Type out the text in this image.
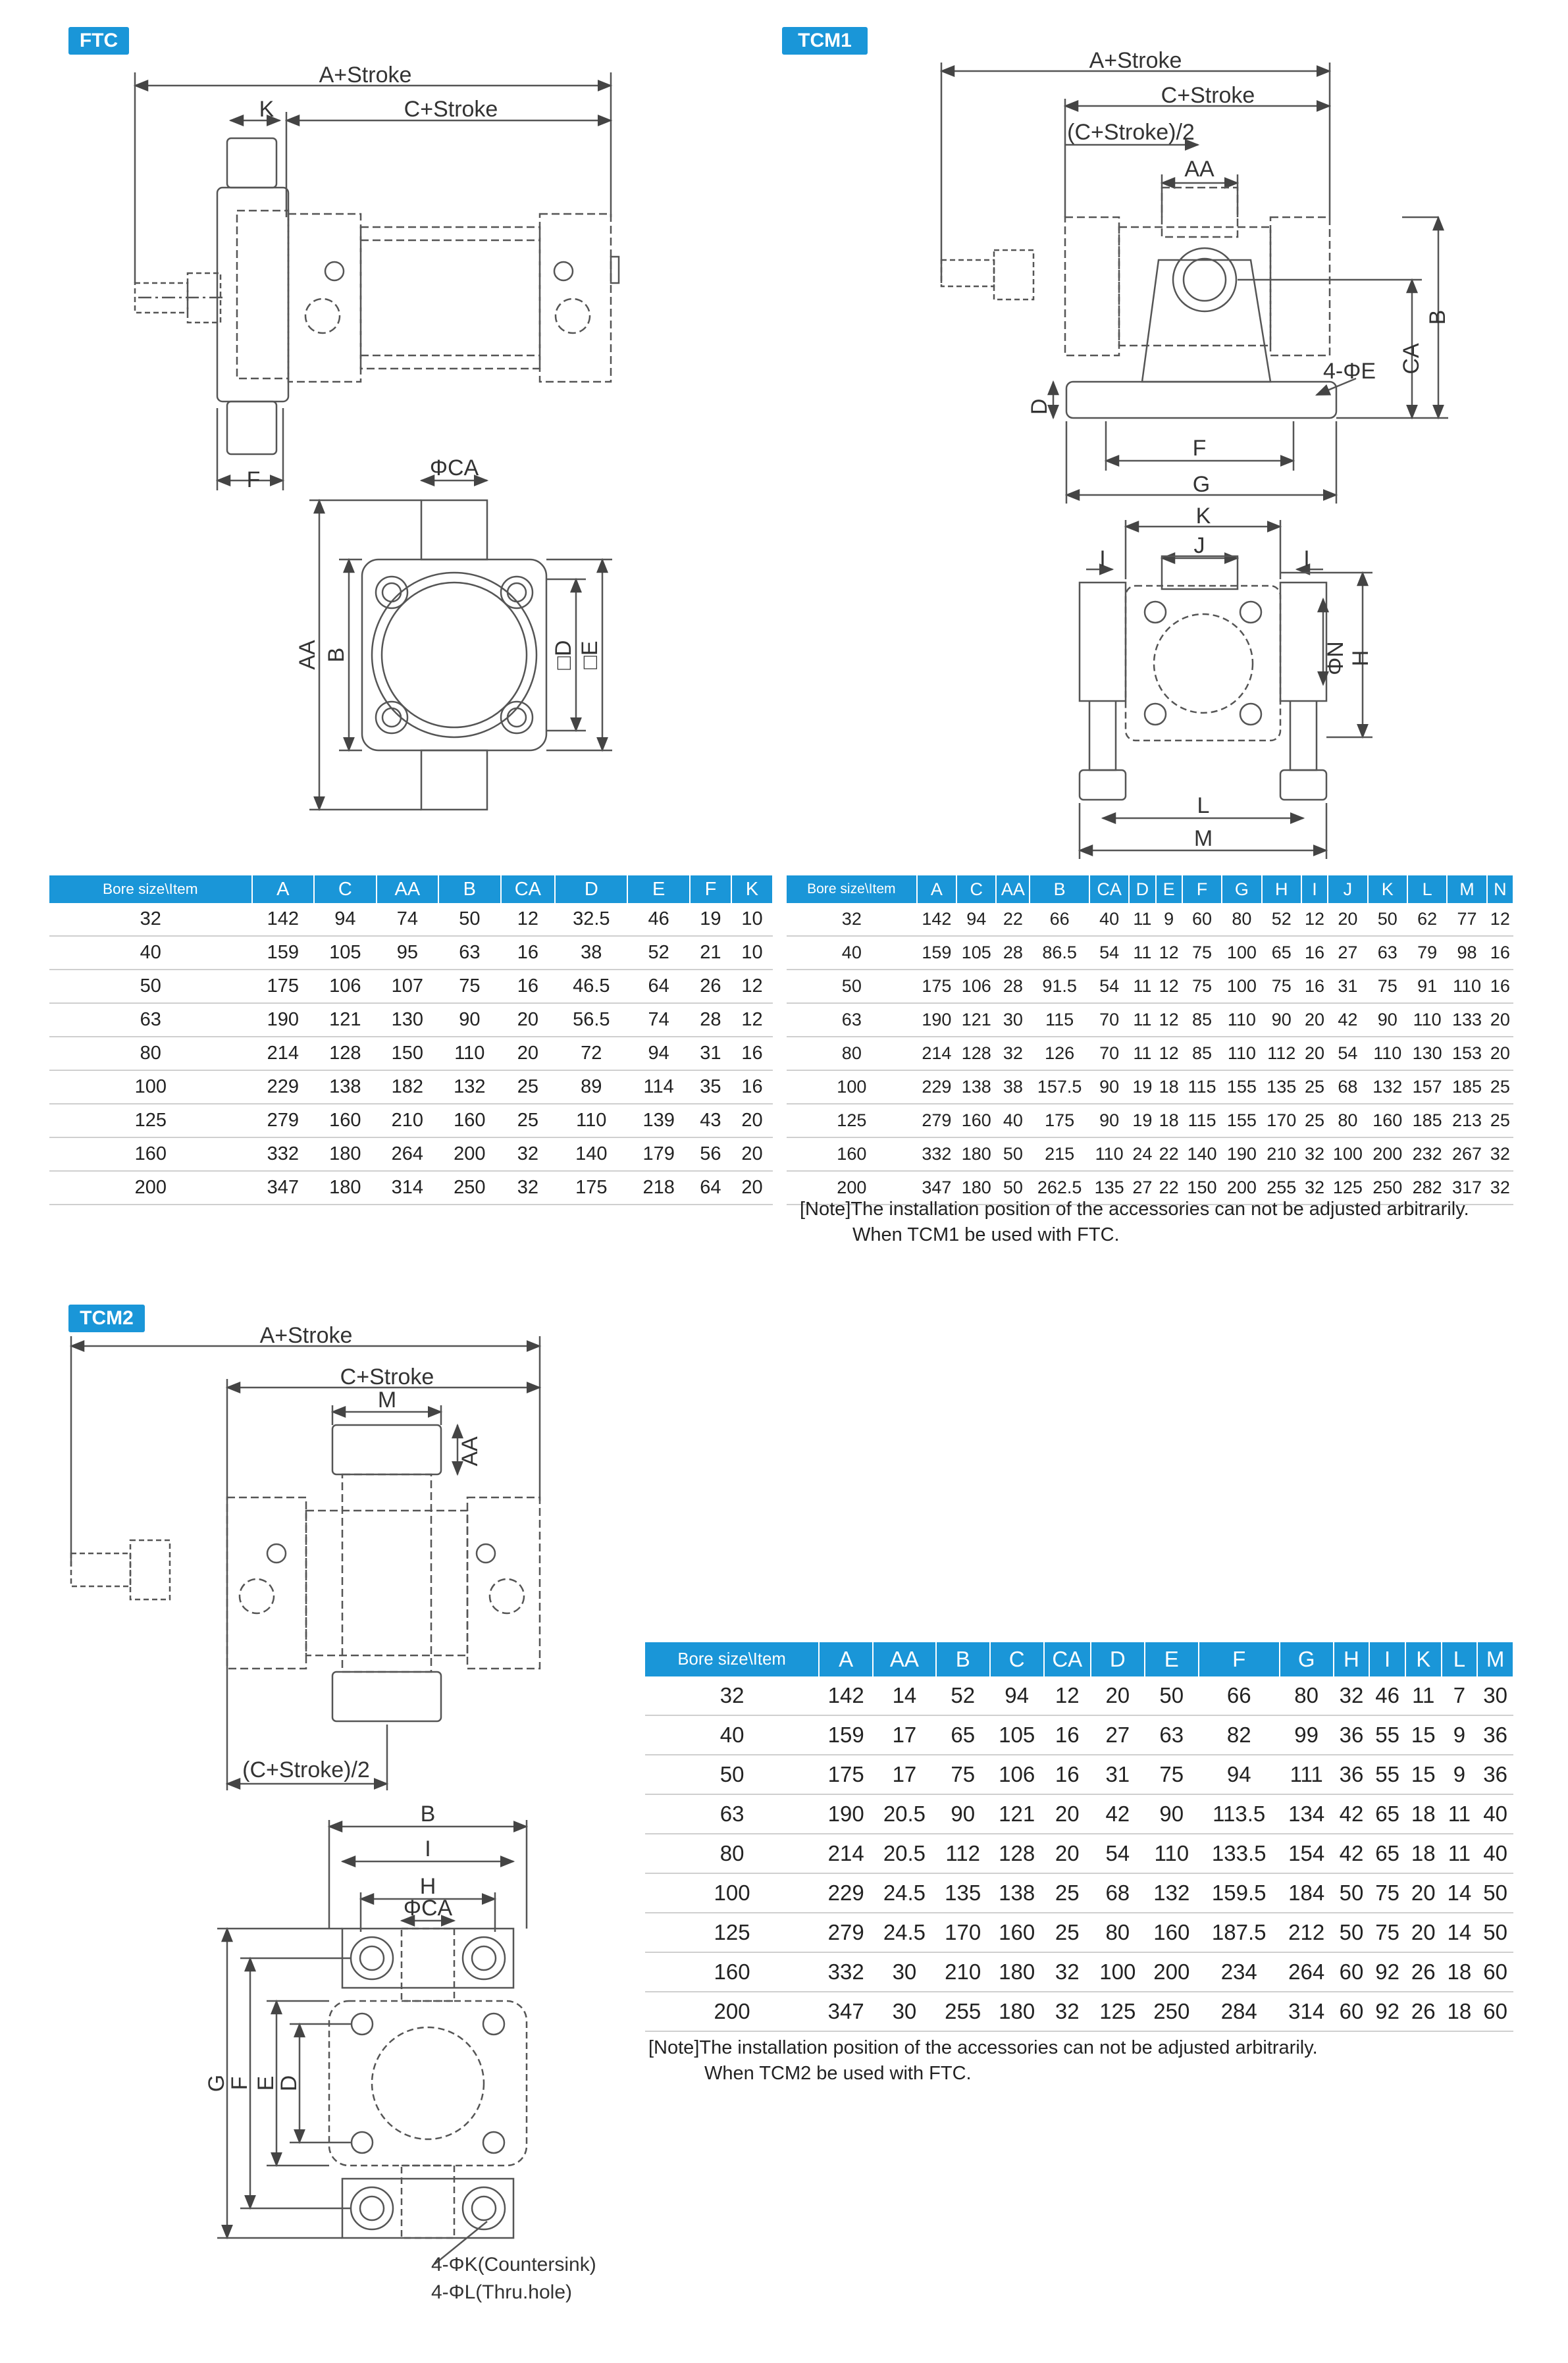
FTC	TCM1
TCM2
A+Stroke
C+Stroke
K
F	ΦCA
AA B	□D □E
A+Stroke
C+Stroke
(C+Stroke)/2
AA
B
CA
4-ΦE
D
F
G
K
J
I	I
ΦN H
L
M
A+Stroke
C+Stroke
M
AA
(C+Stroke)/2
B
I
H
ΦCA
G
F E
D
4-ΦK(Countersink)
4-ΦL(Thru.hole)
Bore size\Item	A	C	AA	B	CA	D	E	F	K
32	142	94	74	50	12	32.5	46	19	10
40	159	105	95	63	16	38	52	21	10
50	175	106	107	75	16	46.5	64	26	12
63	190	121	130	90	20	56.5	74	28	12
80	214	128	150	110	20	72	94	31	16
100	229	138	182	132	25	89	114	35	16
125	279	160	210	160	25	110	139	43	20
160	332	180	264	200	32	140	179	56	20
200	347	180	314	250	32	175	218	64	20
Bore size\Item	A	C	AA	B	CA	D	E	F	G	H	I	J	K	L	M	N
32	142	94	22	66	40	11	9	60	80	52	12	20	50	62	77	12
40	159	105	28	86.5	54	11	12	75	100	65	16	27	63	79	98	16
50	175	106	28	91.5	54	11	12	75	100	75	16	31	75	91	110	16
63	190	121	30	115	70	11	12	85	110	90	20	42	90	110	133	20
80	214	128	32	126	70	11	12	85	110	112	20	54	110	130	153	20
100	229	138	38	157.5	90	19	18	115	155	135	25	68	132	157	185	25
125	279	160	40	175	90	19	18	115	155	170	25	80	160	185	213	25
160	332	180	50	215	110	24	22	140	190	210	32	100	200	232	267	32
200	347	180	50	262.5	135	27	22	150	200	255	32	125	250	282	317	32
[Note]The installation position of the accessories can not be adjusted arbitrarily.
When TCM1 be used with FTC.
Bore size\Item	A	AA	B	C	CA	D	E	F	G	H	I	K	L	M
32	142	14	52	94	12	20	50	66	80	32	46	11	7	30
40	159	17	65	105	16	27	63	82	99	36	55	15	9	36
50	175	17	75	106	16	31	75	94	111	36	55	15	9	36
63	190	20.5	90	121	20	42	90	113.5	134	42	65	18	11	40
80	214	20.5	112	128	20	54	110	133.5	154	42	65	18	11	40
100	229	24.5	135	138	25	68	132	159.5	184	50	75	20	14	50
125	279	24.5	170	160	25	80	160	187.5	212	50	75	20	14	50
160	332	30	210	180	32	100	200	234	264	60	92	26	18	60
200	347	30	255	180	32	125	250	284	314	60	92	26	18	60
[Note]The installation position of the accessories can not be adjusted arbitrarily.
When TCM2 be used with FTC.
